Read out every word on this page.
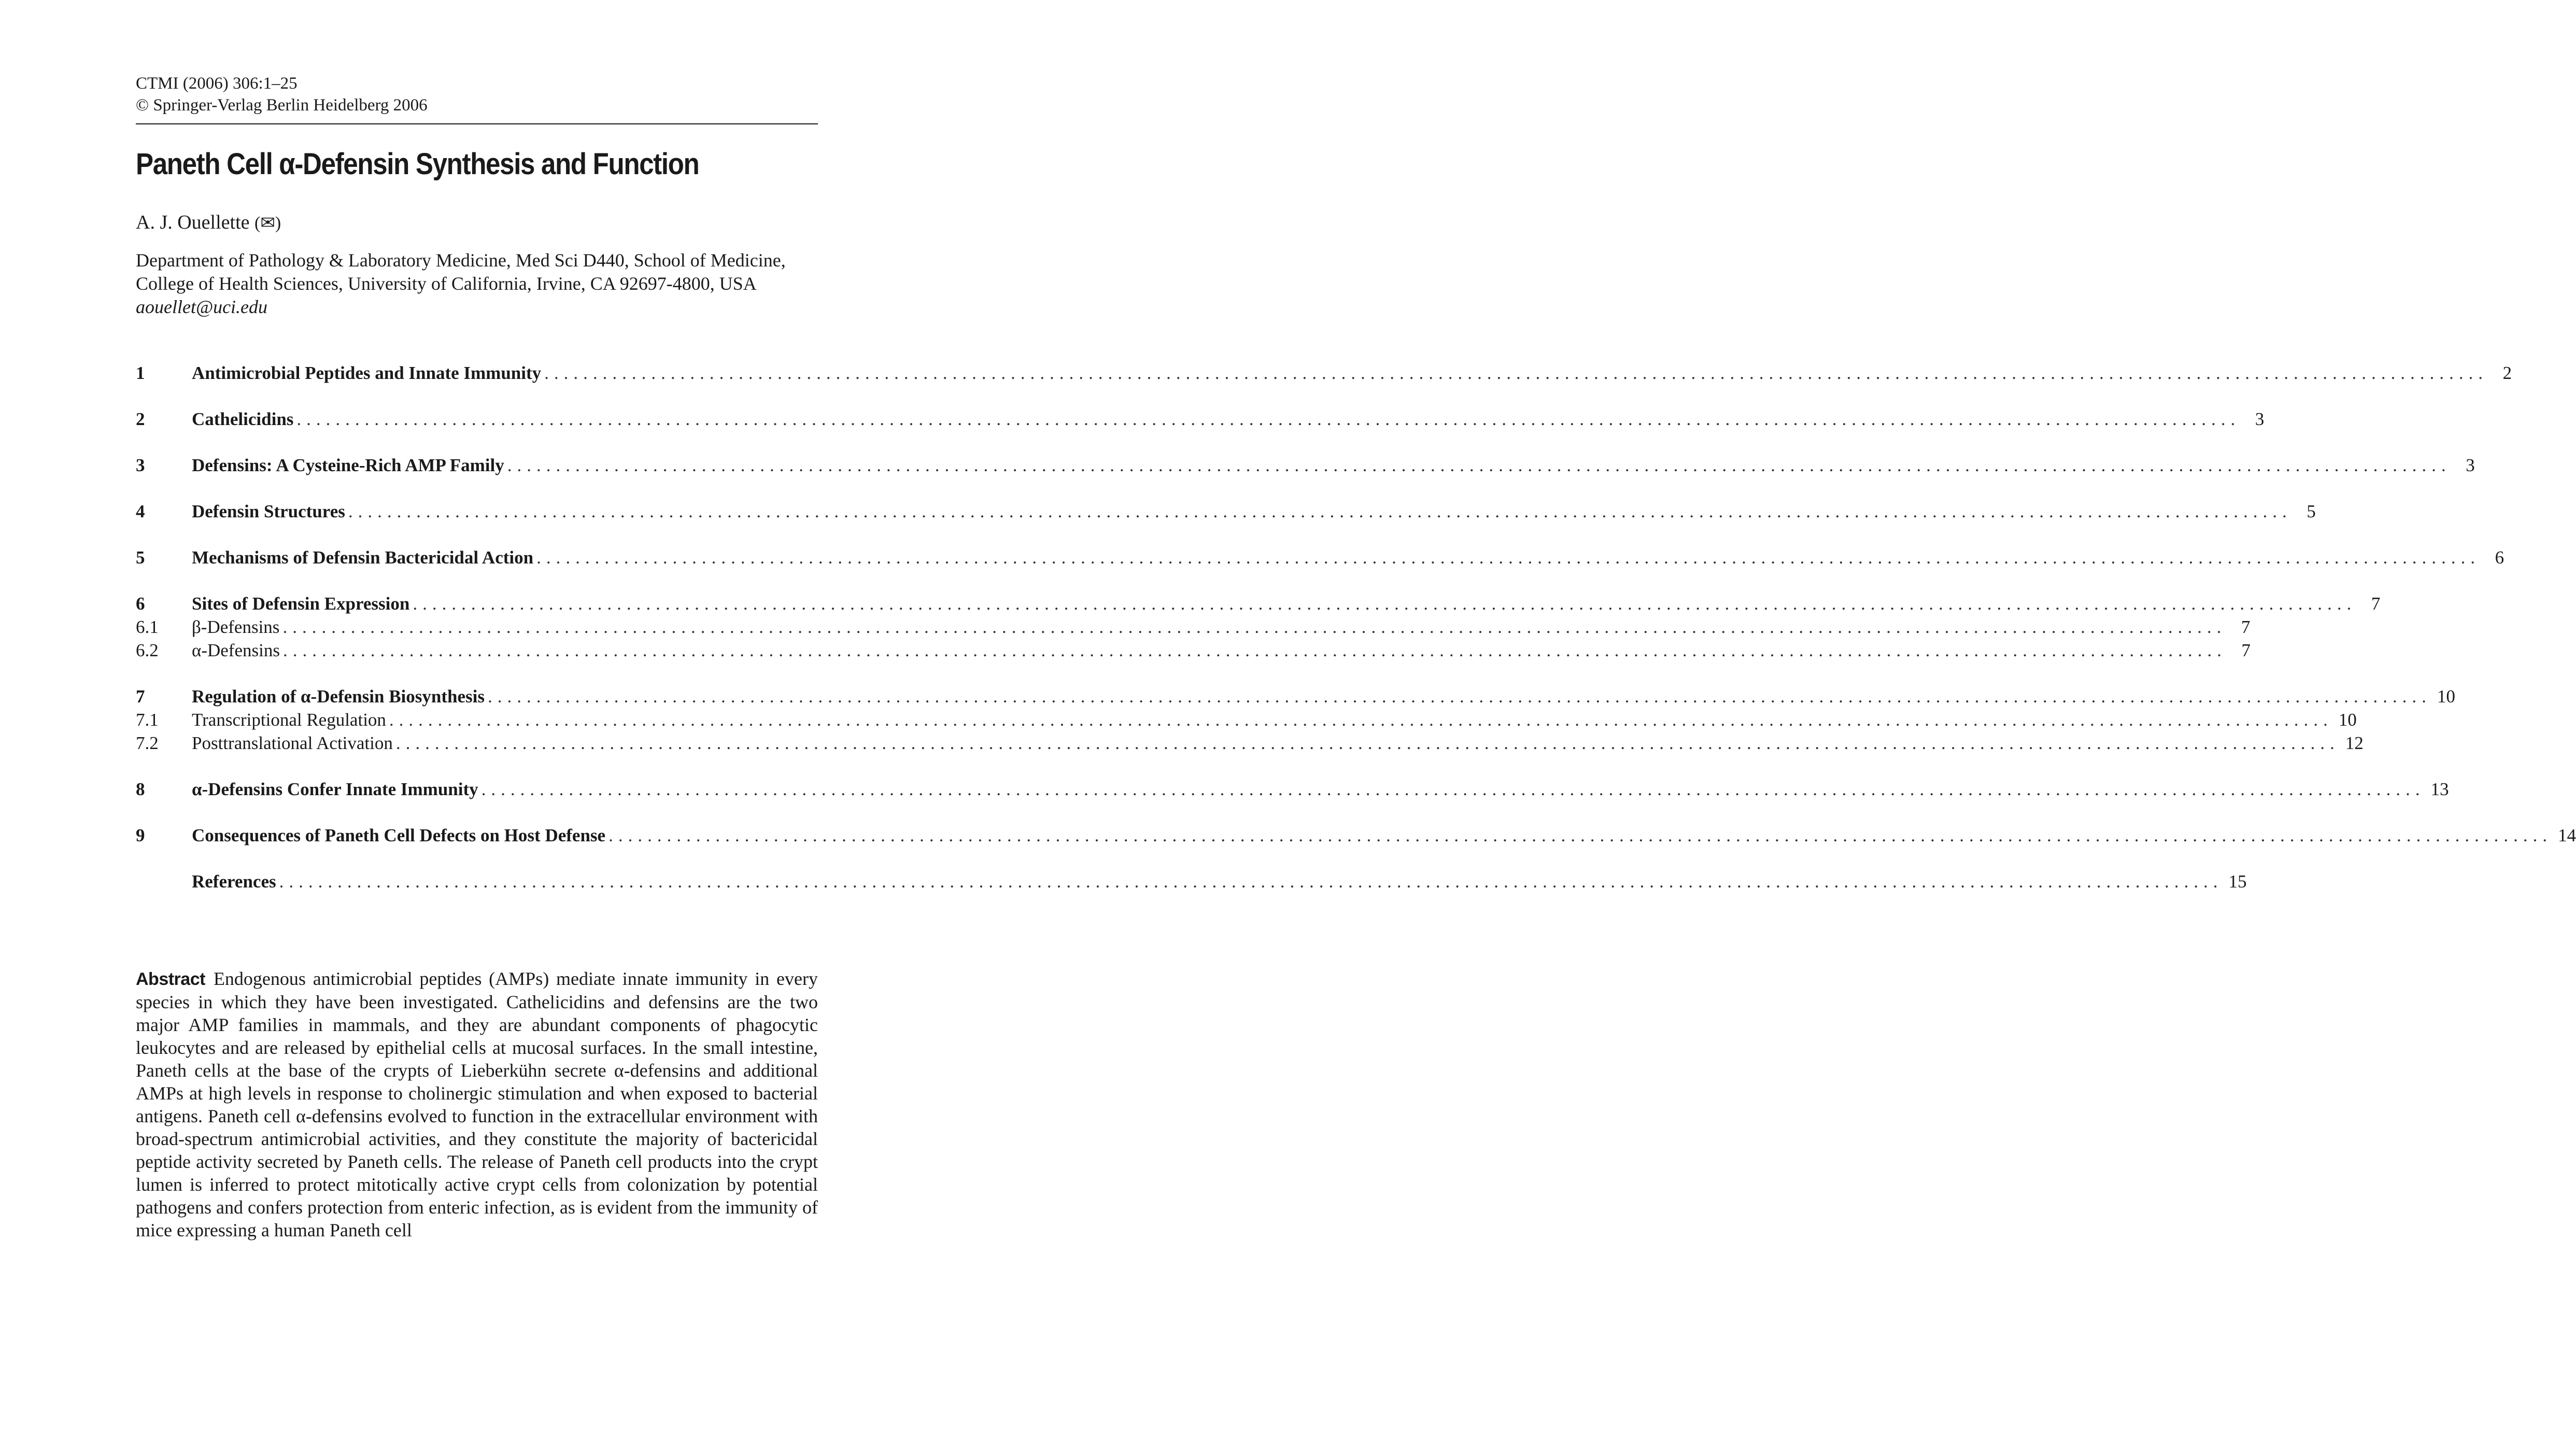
CTMI (2006) 306:1–25
© Springer-Verlag Berlin Heidelberg 2006
Paneth Cell α-Defensin Synthesis and Function
A. J. Ouellette (✉)
Department of Pathology & Laboratory Medicine, Med Sci D440, School of Medicine,
College of Health Sciences, University of California, Irvine, CA 92697-4800, USA
aouellet@uci.edu
1	Antimicrobial Peptides and Innate Immunity ........................................................................................................................................................................................................ 2
2	Cathelicidins ........................................................................................................................................................................................................ 3
3	Defensins: A Cysteine-Rich AMP Family ........................................................................................................................................................................................................ 3
4	Defensin Structures ........................................................................................................................................................................................................ 5
5	Mechanisms of Defensin Bactericidal Action ........................................................................................................................................................................................................ 6
6	Sites of Defensin Expression ........................................................................................................................................................................................................ 7
6.1	β-Defensins ........................................................................................................................................................................................................ 7
6.2	α-Defensins ........................................................................................................................................................................................................ 7
7	Regulation of α-Defensin Biosynthesis ........................................................................................................................................................................................................ 10
7.1	Transcriptional Regulation ........................................................................................................................................................................................................ 10
7.2	Posttranslational Activation ........................................................................................................................................................................................................ 12
8	α-Defensins Confer Innate Immunity ........................................................................................................................................................................................................ 13
9	Consequences of Paneth Cell Defects on Host Defense ........................................................................................................................................................................................................ 14
References ........................................................................................................................................................................................................ 15
Abstract Endogenous antimicrobial peptides (AMPs) mediate innate immunity in every species in which they have been investigated. Cathelicidins and defensins are the two major AMP families in mammals, and they are abundant components of phagocytic leukocytes and are released by epithelial cells at mucosal surfaces. In the small intestine, Paneth cells at the base of the crypts of Lieberkühn secrete α-defensins and additional AMPs at high levels in response to cholinergic stimulation and when exposed to bacterial antigens. Paneth cell α-defensins evolved to function in the extracellular environment with broad-spectrum antimicrobial activities, and they constitute the majority of bactericidal peptide activity secreted by Paneth cells. The release of Paneth cell products into the crypt lumen is inferred to protect mitotically active crypt cells from colonization by potential pathogens and confers protection from enteric infection, as is evident from the immunity of mice expressing a human Paneth cell
